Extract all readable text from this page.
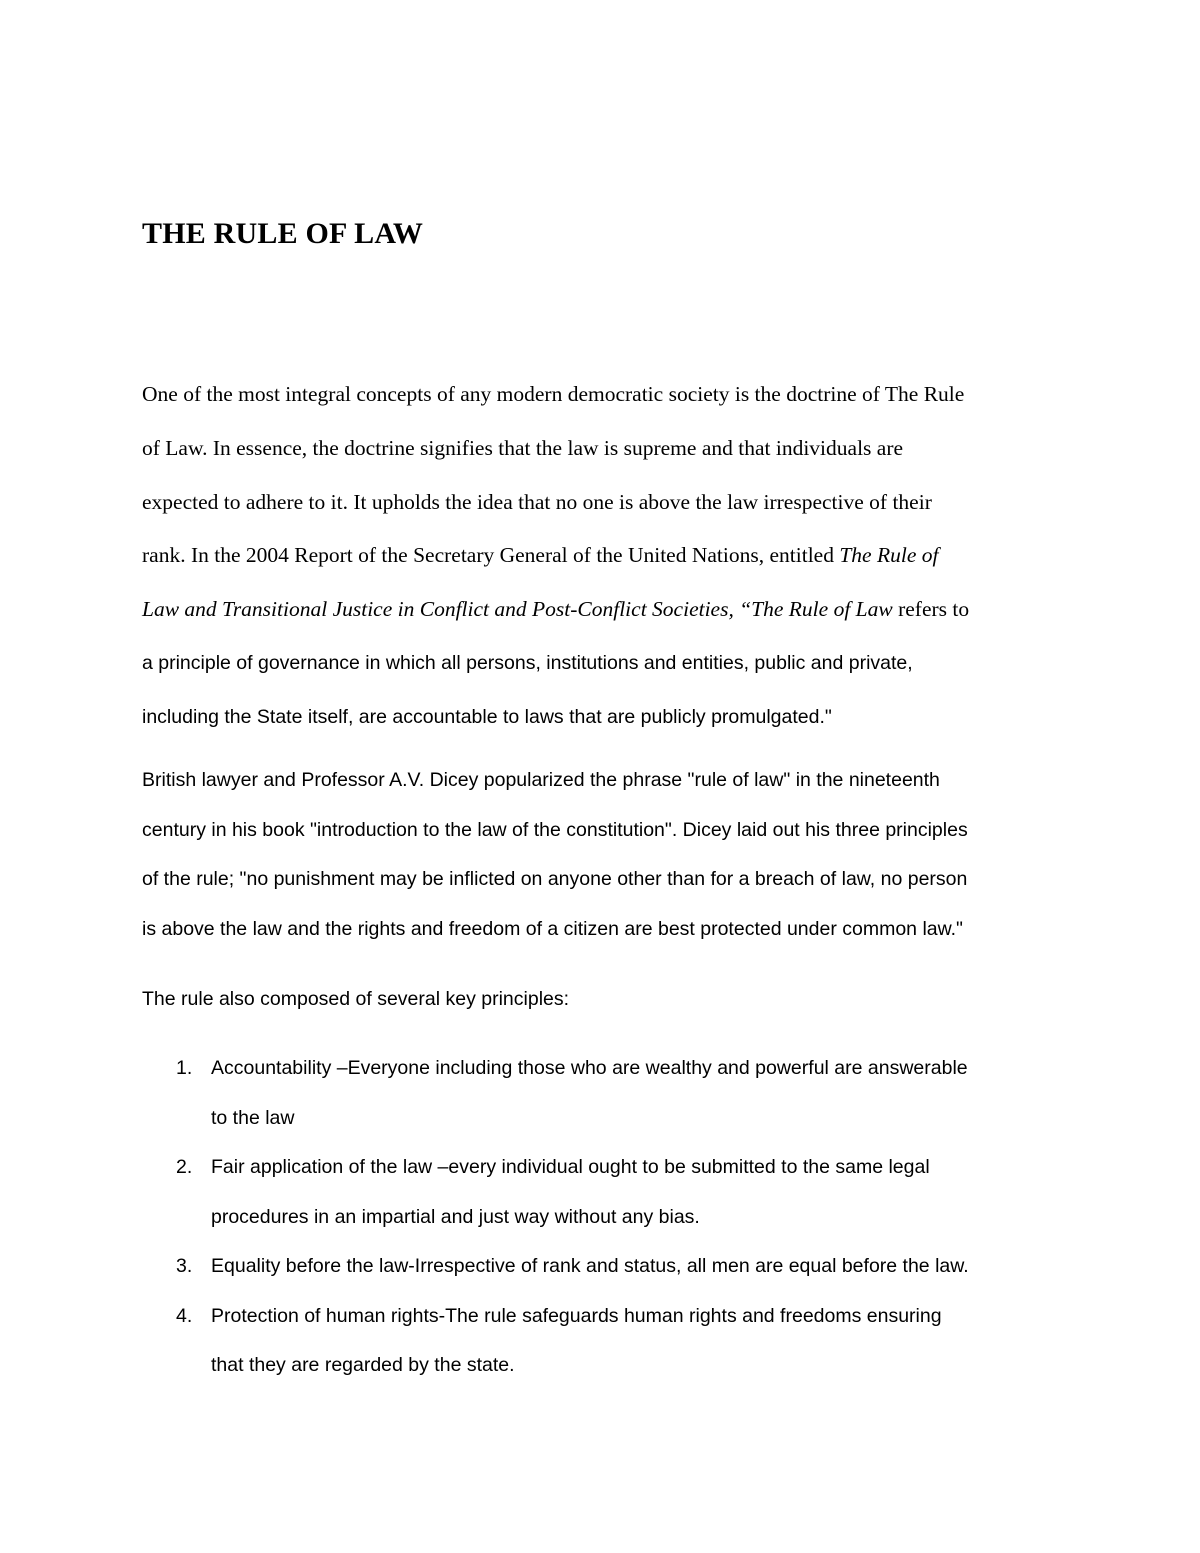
THE RULE OF LAW

One of the most integral concepts of any modern democratic society is the doctrine of The Rule
of Law. In essence, the doctrine signifies that the law is supreme and that individuals are
expected to adhere to it. It upholds the idea that no one is above the law irrespective of their
rank. In the 2004 Report of the Secretary General of the United Nations, entitled The Rule of
Law and Transitional Justice in Conflict and Post-Conflict Societies, “The Rule of Law refers to
a principle of governance in which all persons, institutions and entities, public and private,
including the State itself, are accountable to laws that are publicly promulgated."

British lawyer and Professor A.V. Dicey popularized the phrase "rule of law" in the nineteenth
century in his book "introduction to the law of the constitution". Dicey laid out his three principles
of the rule; "no punishment may be inflicted on anyone other than for a breach of law, no person
is above the law and the rights and freedom of a citizen are best protected under common law."

The rule also composed of several key principles:

1. Accountability –Everyone including those who are wealthy and powerful are answerable
to the law
2. Fair application of the law –every individual ought to be submitted to the same legal
procedures in an impartial and just way without any bias.
3. Equality before the law-Irrespective of rank and status, all men are equal before the law.
4. Protection of human rights-The rule safeguards human rights and freedoms ensuring
that they are regarded by the state.
